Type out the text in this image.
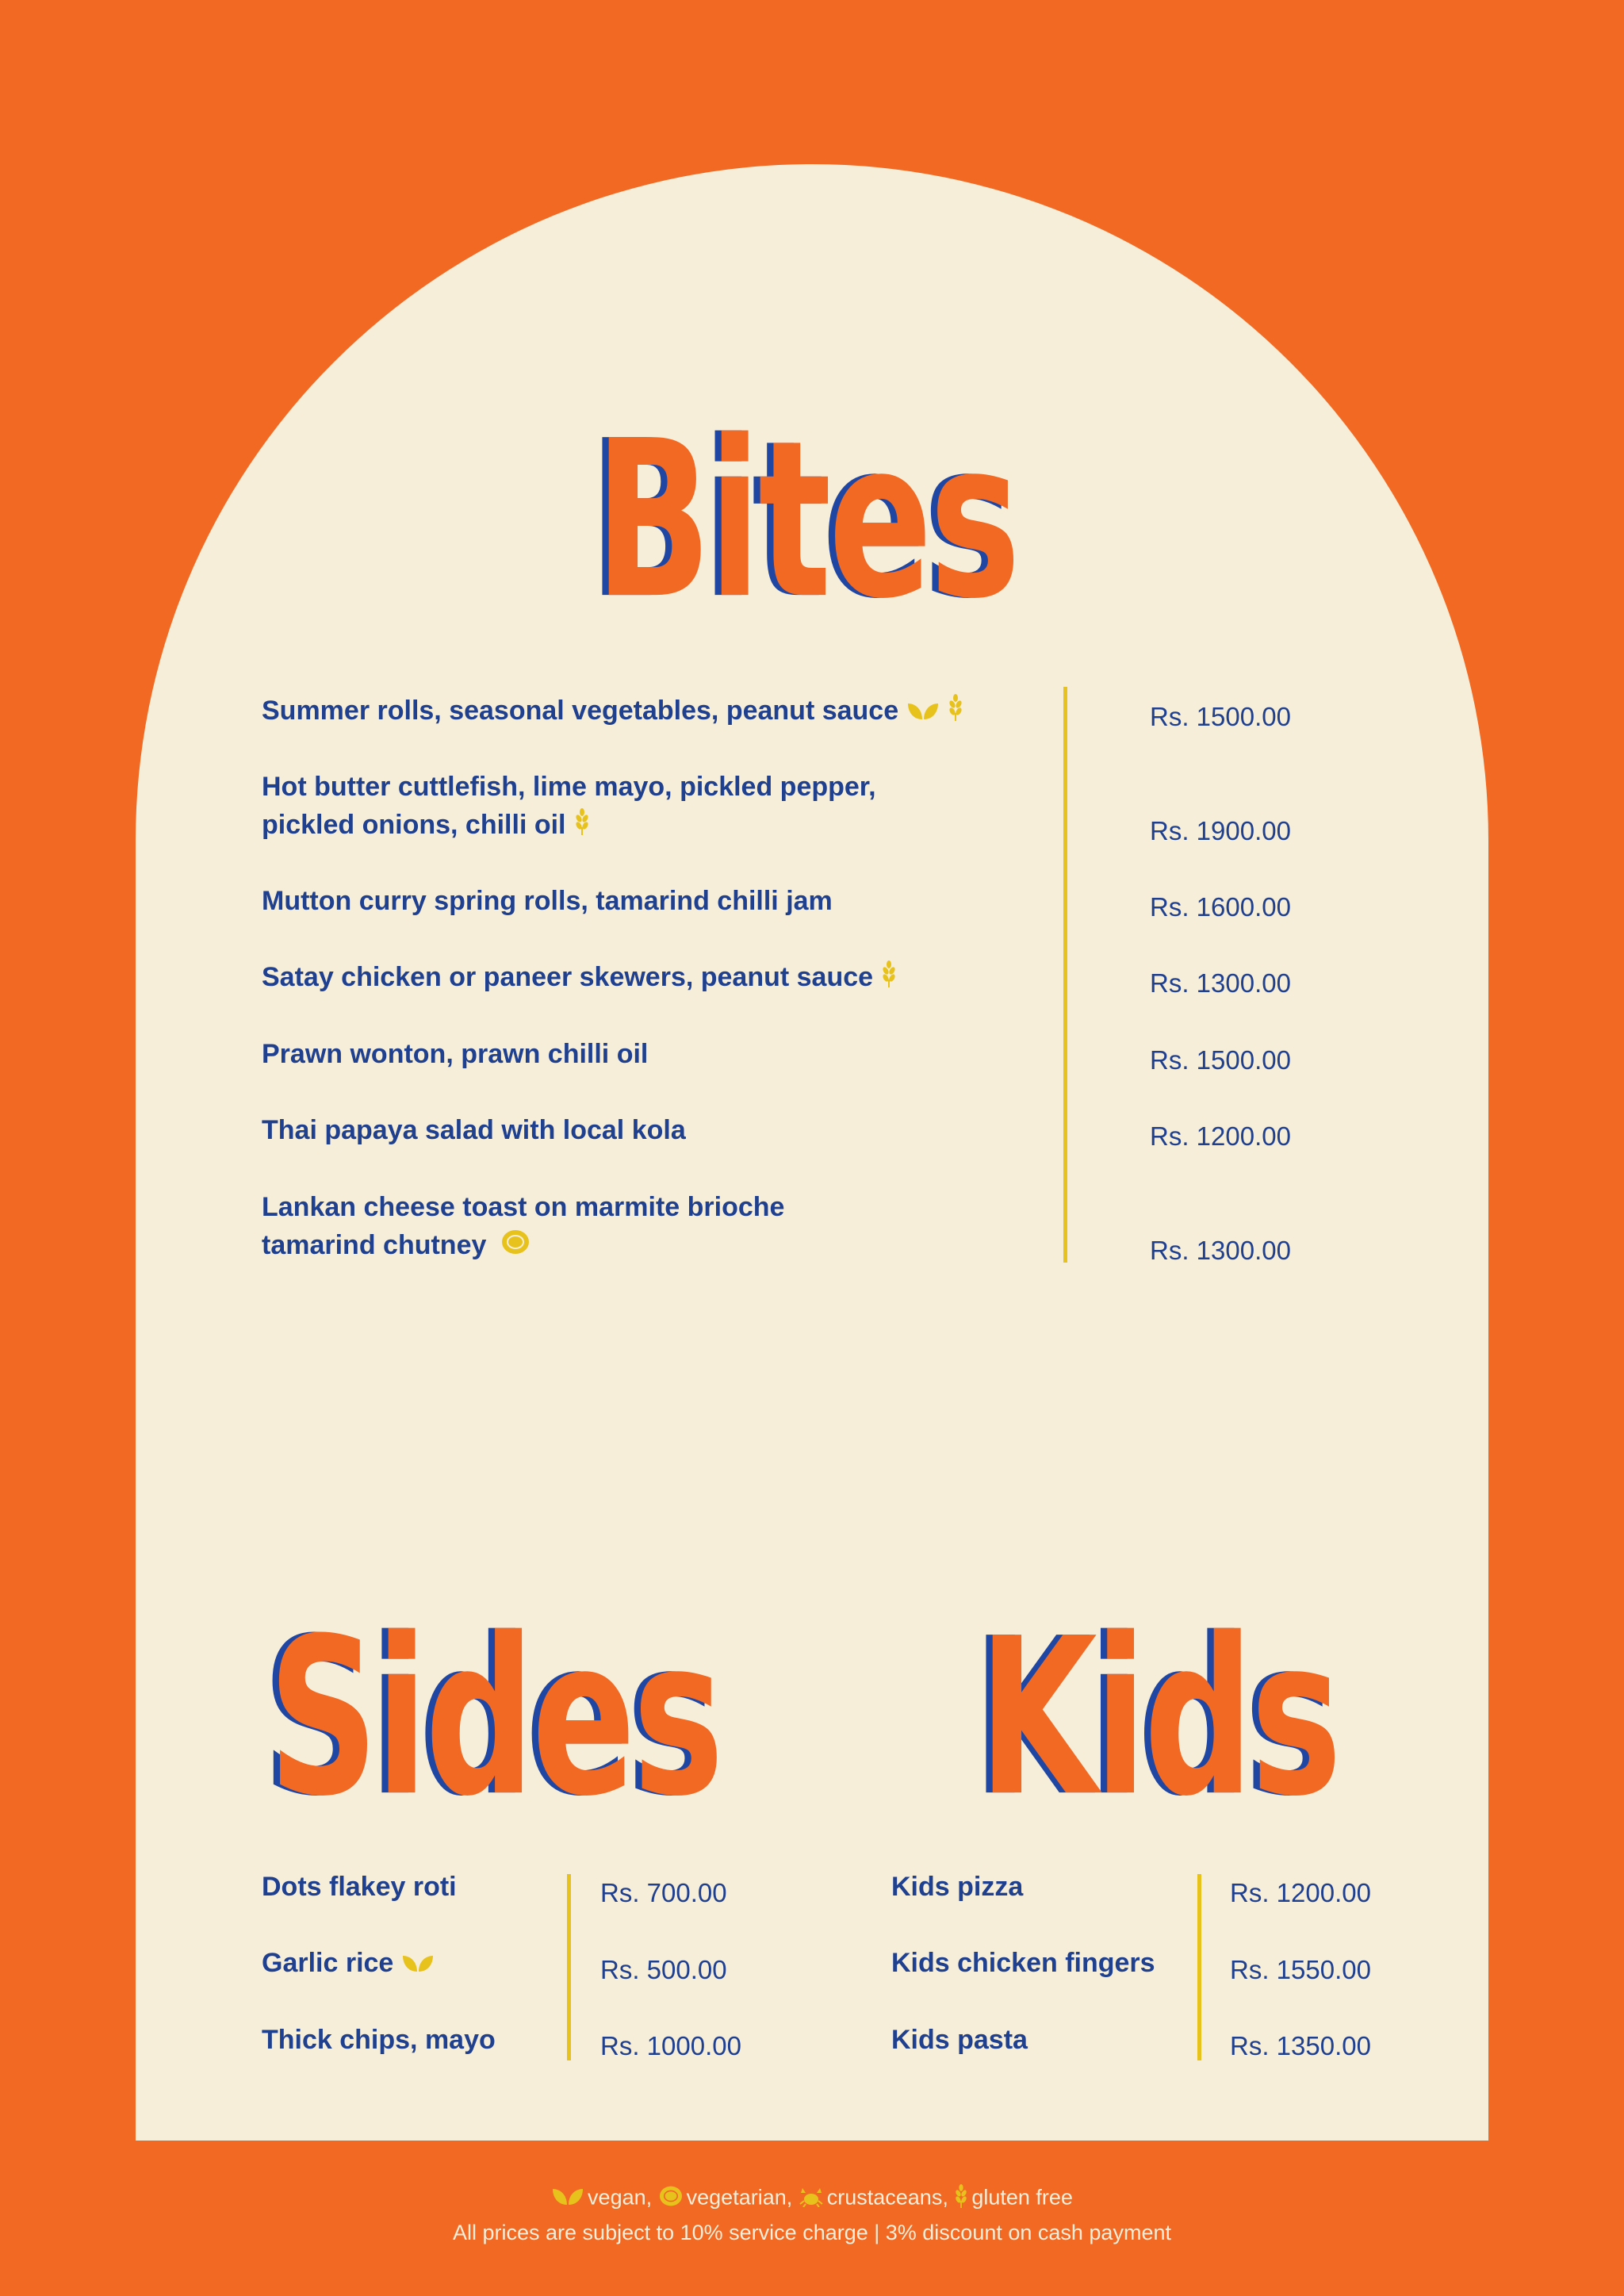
Bites
Summer rolls, seasonal vegetables, peanut sauce	Rs. 1500.00
Hot butter cuttlefish, lime mayo, pickled pepper,
pickled onions, chilli oil	Rs. 1900.00
Mutton curry spring rolls, tamarind chilli jam	Rs. 1600.00
Satay chicken or paneer skewers, peanut sauce	Rs. 1300.00
Prawn wonton, prawn chilli oil	Rs. 1500.00
Thai papaya salad with local kola	Rs. 1200.00
Lankan cheese toast on marmite brioche
tamarind chutney	Rs. 1300.00
Sides Kids
Dots flakey roti	Rs. 700.00
Garlic rice	Rs. 500.00
Thick chips, mayo	Rs. 1000.00
Kids pizza	Rs. 1200.00
Kids chicken fingers	Rs. 1550.00
Kids pasta	Rs. 1350.00
vegan, vegetarian, crustaceans, gluten free
All prices are subject to 10% service charge | 3% discount on cash payment
